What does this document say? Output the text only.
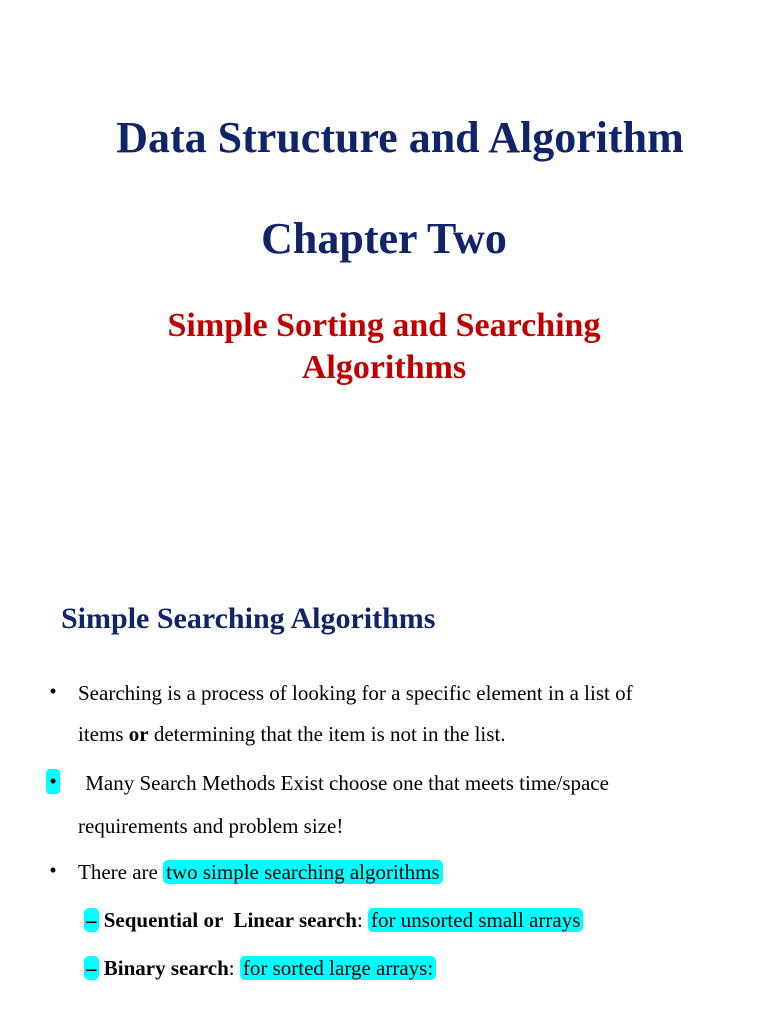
Data Structure and Algorithm
Chapter Two
Simple Sorting and Searching
Algorithms
Simple Searching Algorithms
• Searching is a process of looking for a specific element in a list of
items or determining that the item is not in the list.
• Many Search Methods Exist choose one that meets time/space
requirements and problem size!
• There are two simple searching algorithms
– Sequential or  Linear search: for unsorted small arrays
– Binary search: for sorted large arrays:
